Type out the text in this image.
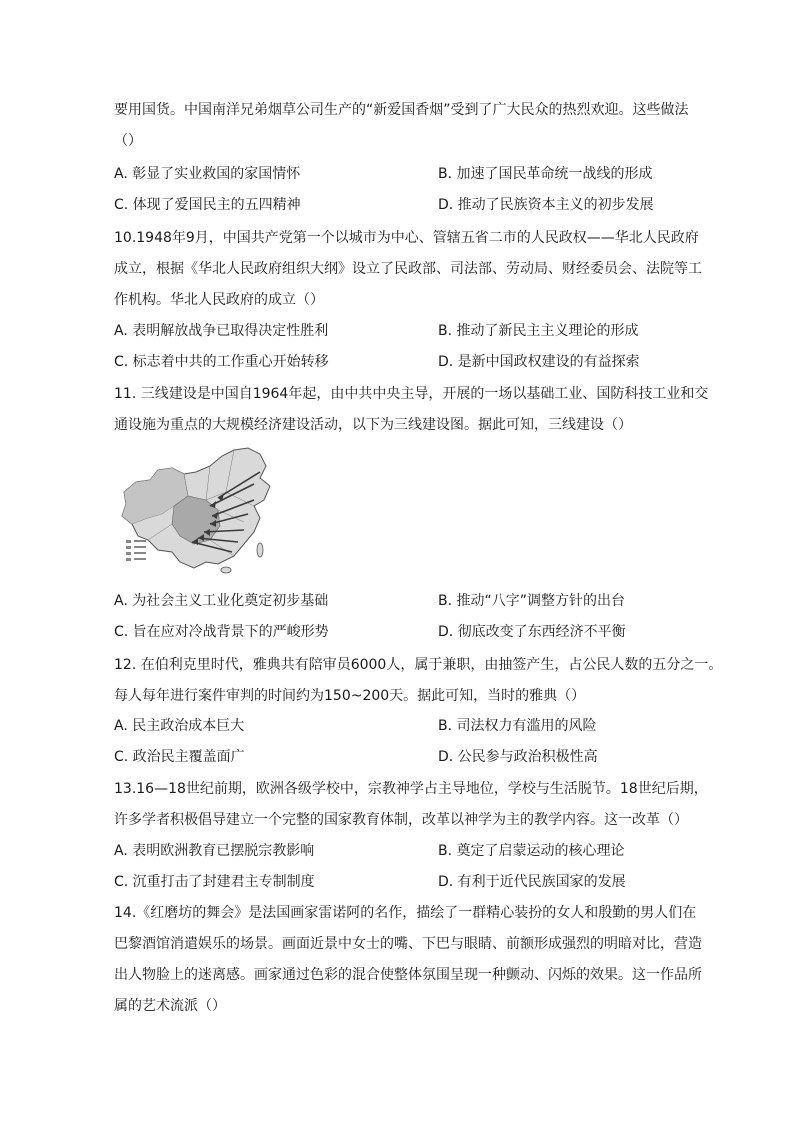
要用国货。中国南洋兄弟烟草公司生产的“新爱国香烟”受到了广大民众的热烈欢迎。这些做法
（）
A. 彰显了实业救国的家国情怀	B. 加速了国民革命统一战线的形成
C. 体现了爱国民主的五四精神	D. 推动了民族资本主义的初步发展
10.1948年9月，中国共产党第一个以城市为中心、管辖五省二市的人民政权——华北人民政府
成立，根据《华北人民政府组织大纲》设立了民政部、司法部、劳动局、财经委员会、法院等工
作机构。华北人民政府的成立（）
A. 表明解放战争已取得决定性胜利	B. 推动了新民主主义理论的形成
C. 标志着中共的工作重心开始转移	D. 是新中国政权建设的有益探索
11. 三线建设是中国自1964年起，由中共中央主导，开展的一场以基础工业、国防科技工业和交
通设施为重点的大规模经济建设活动，以下为三线建设图。据此可知，三线建设（）
A. 为社会主义工业化奠定初步基础	B. 推动“八字”调整方针的出台
C. 旨在应对冷战背景下的严峻形势	D. 彻底改变了东西经济不平衡
12. 在伯利克里时代，雅典共有陪审员6000人，属于兼职，由抽签产生，占公民人数的五分之一。
每人每年进行案件审判的时间约为150~200天。据此可知，当时的雅典（）
A. 民主政治成本巨大	B. 司法权力有滥用的风险
C. 政治民主覆盖面广	D. 公民参与政治积极性高
13.16—18世纪前期，欧洲各级学校中，宗教神学占主导地位，学校与生活脱节。18世纪后期，
许多学者积极倡导建立一个完整的国家教育体制，改革以神学为主的教学内容。这一改革（）
A. 表明欧洲教育已摆脱宗教影响	B. 奠定了启蒙运动的核心理论
C. 沉重打击了封建君主专制制度	D. 有利于近代民族国家的发展
14.《红磨坊的舞会》是法国画家雷诺阿的名作，描绘了一群精心装扮的女人和殷勤的男人们在
巴黎酒馆消遣娱乐的场景。画面近景中女士的嘴、下巴与眼睛、前额形成强烈的明暗对比，营造
出人物脸上的迷离感。画家通过色彩的混合使整体氛围呈现一种颤动、闪烁的效果。这一作品所
属的艺术流派（）
